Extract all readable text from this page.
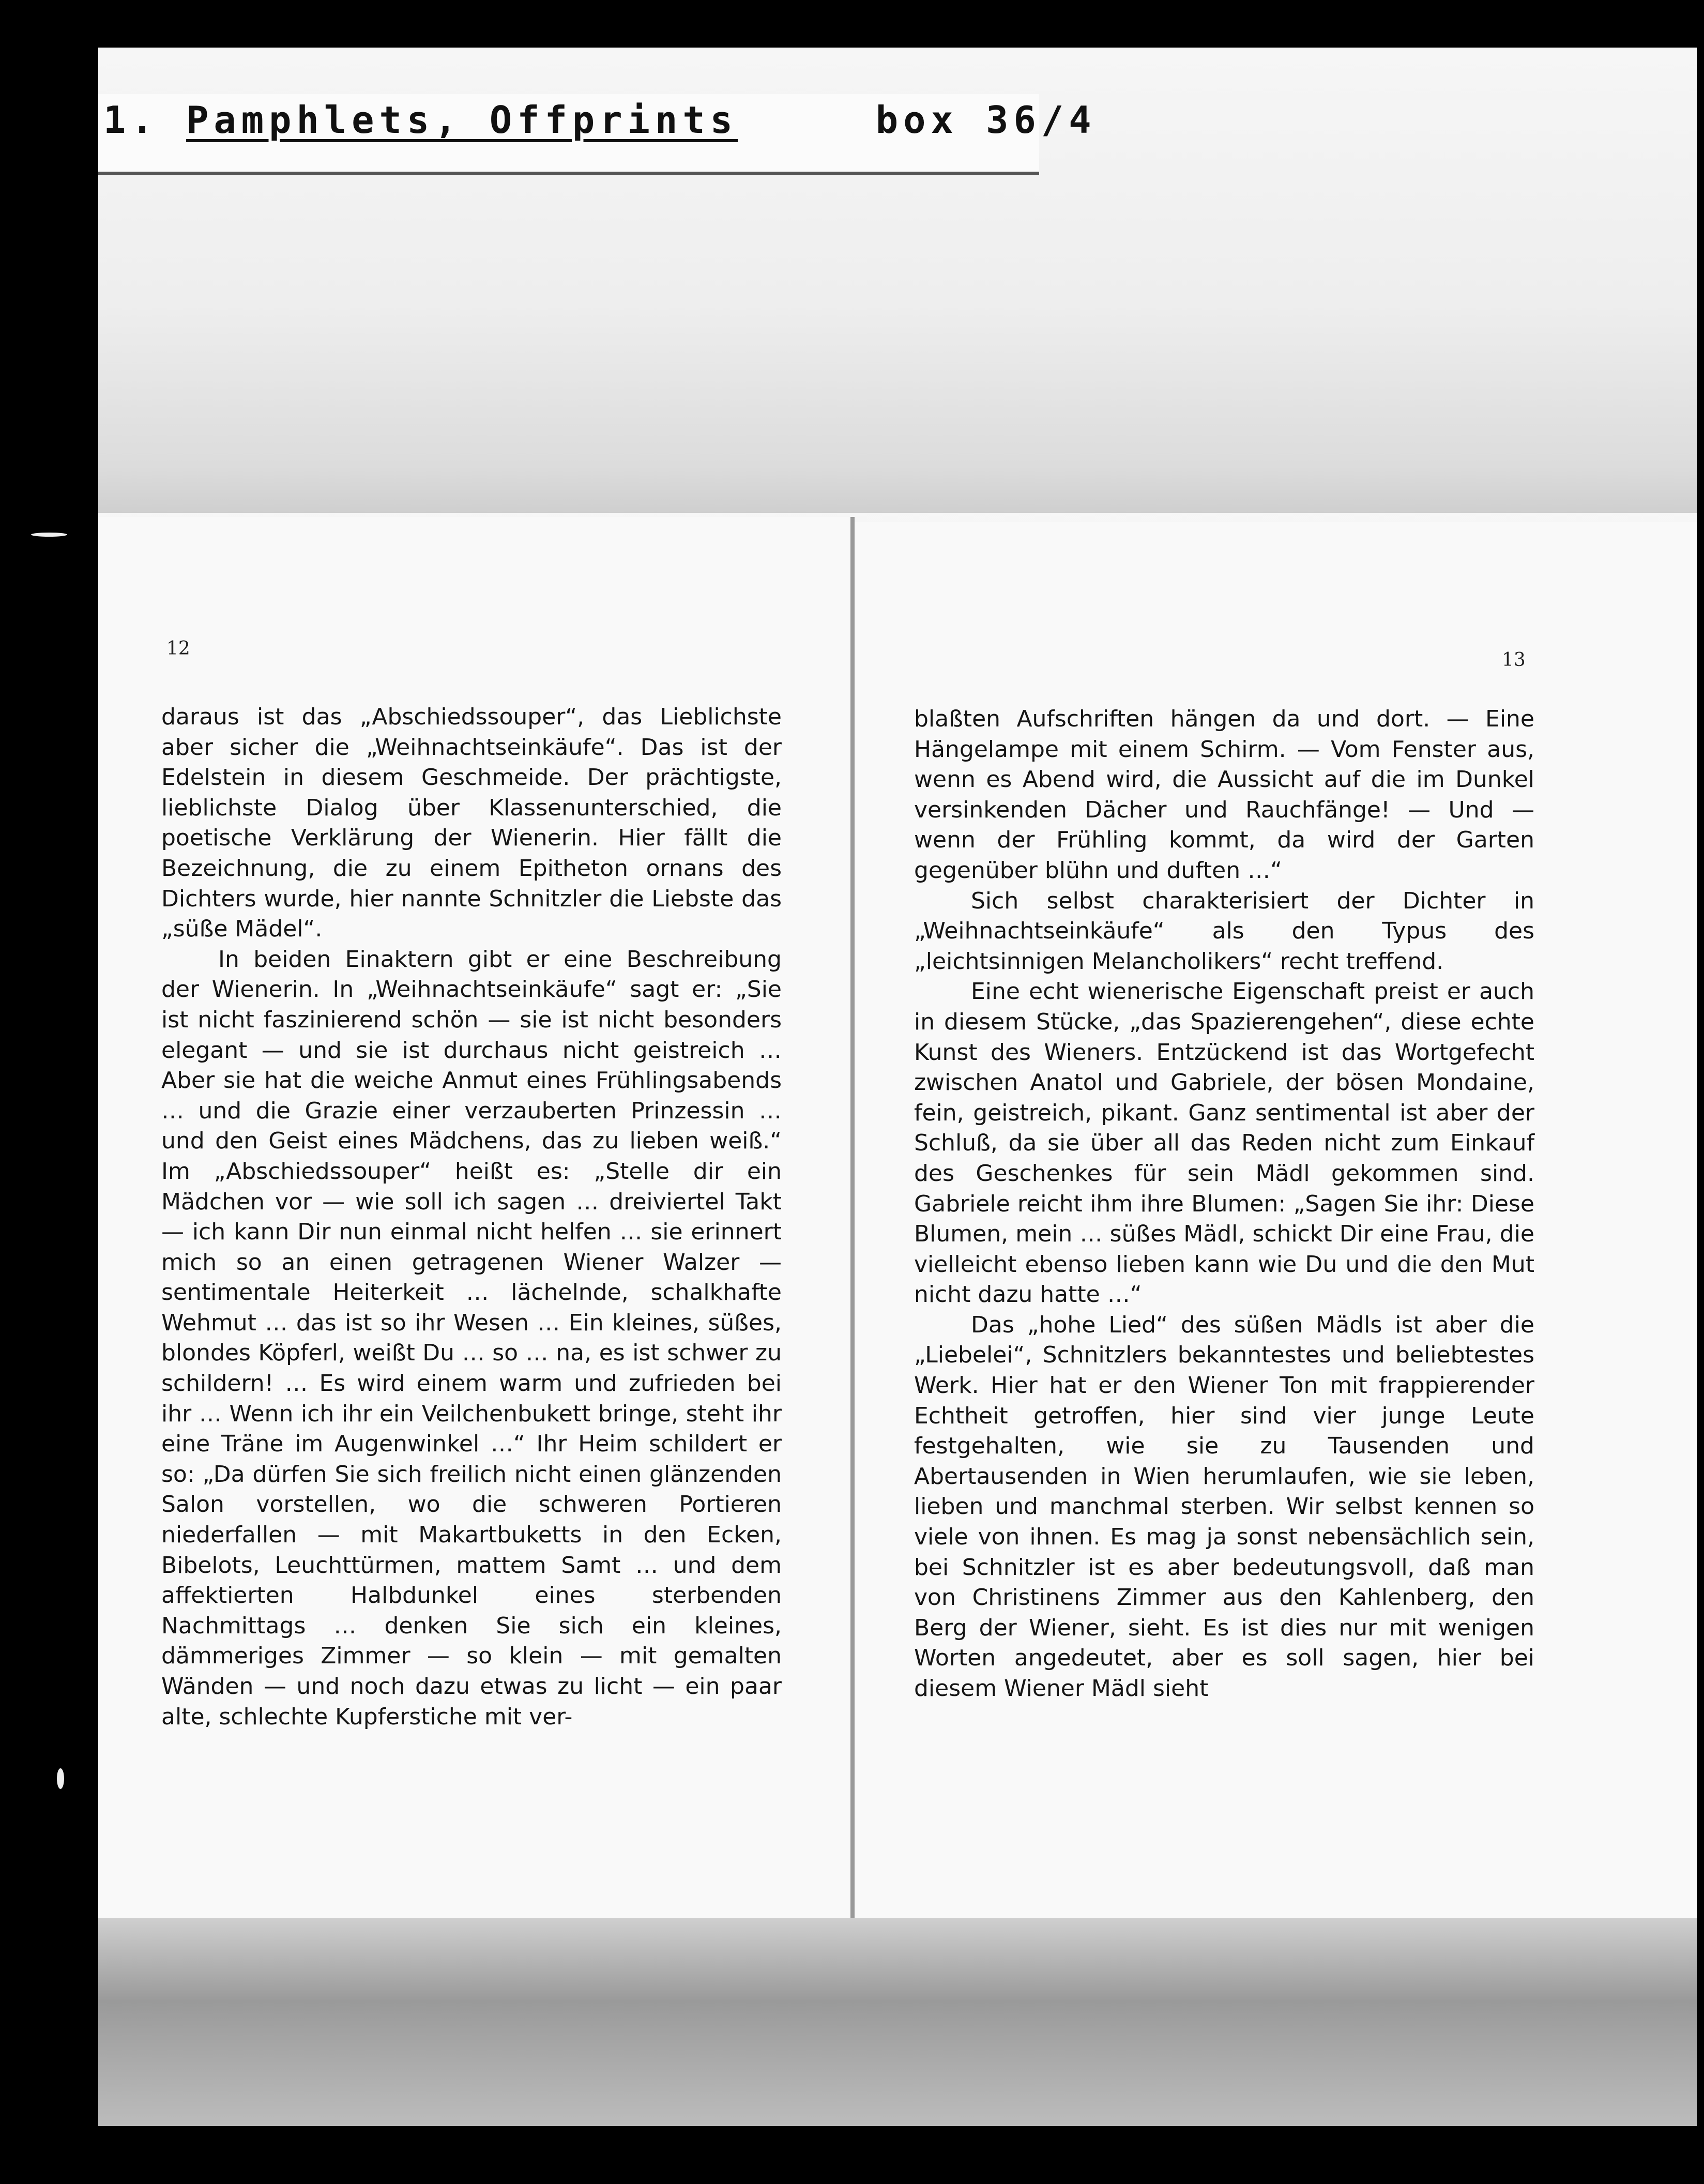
1. Pamphlets, Offprints	box 36/4
12
13

daraus ist das „Abschiedssouper“, das Lieblichste aber sicher die „Weihnachtseinkäufe“. Das ist der Edelstein in diesem Geschmeide. Der prächtigste, lieblichste Dialog über Klassenunterschied, die poetische Verklärung der Wienerin. Hier fällt die Bezeichnung, die zu einem Epitheton ornans des Dichters wurde, hier nannte Schnitzler die Liebste das „süße Mädel“.

In beiden Einaktern gibt er eine Beschreibung der Wienerin. In „Weihnachtseinkäufe“ sagt er: „Sie ist nicht faszinierend schön — sie ist nicht besonders elegant — und sie ist durchaus nicht geistreich … Aber sie hat die weiche Anmut eines Frühlingsabends … und die Grazie einer verzauberten Prinzessin … und den Geist eines Mädchens, das zu lieben weiß.“ Im „Abschiedssouper“ heißt es: „Stelle dir ein Mädchen vor — wie soll ich sagen … dreiviertel Takt — ich kann Dir nun einmal nicht helfen … sie erinnert mich so an einen getragenen Wiener Walzer — sentimentale Heiterkeit … lächelnde, schalkhafte Wehmut … das ist so ihr Wesen … Ein kleines, süßes, blondes Köpferl, weißt Du … so … na, es ist schwer zu schildern! … Es wird einem warm und zufrieden bei ihr … Wenn ich ihr ein Veilchenbukett bringe, steht ihr eine Träne im Augenwinkel …“ Ihr Heim schildert er so: „Da dürfen Sie sich freilich nicht einen glänzenden Salon vorstellen, wo die schweren Portieren niederfallen — mit Makartbuketts in den Ecken, Bibelots, Leuchttürmen, mattem Samt … und dem affektierten Halbdunkel eines sterbenden Nachmittags … denken Sie sich ein kleines, dämmeriges Zimmer — so klein — mit gemalten Wänden — und noch dazu etwas zu licht — ein paar alte, schlechte Kupferstiche mit ver-

blaßten Aufschriften hängen da und dort. — Eine Hängelampe mit einem Schirm. — Vom Fenster aus, wenn es Abend wird, die Aussicht auf die im Dunkel versinkenden Dächer und Rauchfänge! — Und — wenn der Frühling kommt, da wird der Garten gegenüber blühn und duften …“

Sich selbst charakterisiert der Dichter in „Weihnachtseinkäufe“ als den Typus des „leichtsinnigen Melancholikers“ recht treffend.

Eine echt wienerische Eigenschaft preist er auch in diesem Stücke, „das Spazierengehen“, diese echte Kunst des Wieners. Entzückend ist das Wortgefecht zwischen Anatol und Gabriele, der bösen Mondaine, fein, geistreich, pikant. Ganz sentimental ist aber der Schluß, da sie über all das Reden nicht zum Einkauf des Geschenkes für sein Mädl gekommen sind. Gabriele reicht ihm ihre Blumen: „Sagen Sie ihr: Diese Blumen, mein … süßes Mädl, schickt Dir eine Frau, die vielleicht ebenso lieben kann wie Du und die den Mut nicht dazu hatte …“

Das „hohe Lied“ des süßen Mädls ist aber die „Liebelei“, Schnitzlers bekanntestes und beliebtestes Werk. Hier hat er den Wiener Ton mit frappierender Echtheit getroffen, hier sind vier junge Leute festgehalten, wie sie zu Tausenden und Abertausenden in Wien herumlaufen, wie sie leben, lieben und manchmal sterben. Wir selbst kennen so viele von ihnen. Es mag ja sonst nebensächlich sein, bei Schnitzler ist es aber bedeutungsvoll, daß man von Christinens Zimmer aus den Kahlenberg, den Berg der Wiener, sieht. Es ist dies nur mit wenigen Worten angedeutet, aber es soll sagen, hier bei diesem Wiener Mädl sieht
